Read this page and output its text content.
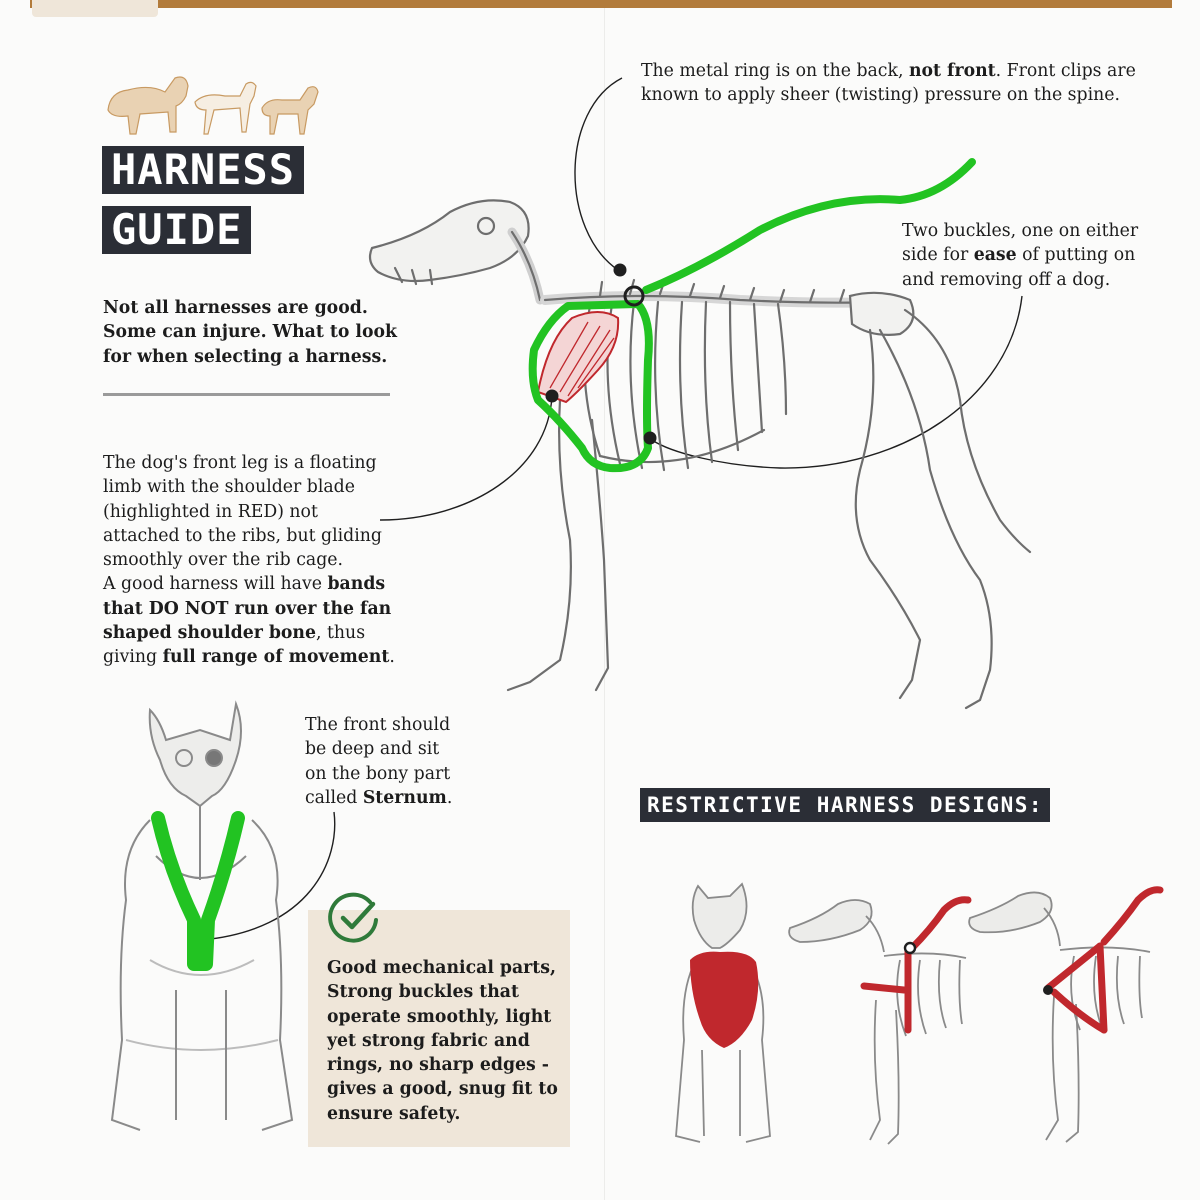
HARNESS
GUIDE
Not all harnesses are good.
Some can injure. What to look
for when selecting a harness.
The metal ring is on the back, not front. Front clips are
known to apply sheer (twisting) pressure on the spine.
Two buckles, one on either
side for ease of putting on
and removing off a dog.
The dog's front leg is a floating
limb with the shoulder blade
(highlighted in RED) not
attached to the ribs, but gliding
smoothly over the rib cage.
A good harness will have bands
that DO NOT run over the fan
shaped shoulder bone, thus
giving full range of movement.
The front should
be deep and sit
on the bony part
called Sternum.
Good mechanical parts,
Strong buckles that
operate smoothly, light
yet strong fabric and
rings, no sharp edges -
gives a good, snug fit to
ensure safety.
RESTRICTIVE HARNESS DESIGNS:
